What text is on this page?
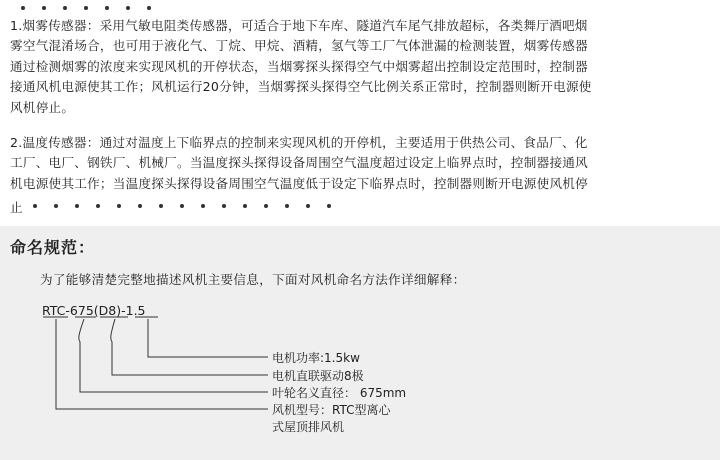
1.烟雾传感器：采用气敏电阻类传感器，可适合于地下车库、隧道汽车尾气排放超标，各类舞厅酒吧烟
雾空气混淆场合，也可用于液化气、丁烷、甲烷、酒精，氢气等工厂气体泄漏的检测装置，烟雾传感器
通过检测烟雾的浓度来实现风机的开停状态，当烟雾探头探得空气中烟雾超出控制设定范围时，控制器
接通风机电源使其工作；风机运行20分钟，当烟雾探头探得空气比例关系正常时，控制器则断开电源使
风机停止。
2.温度传感器：通过对温度上下临界点的控制来实现风机的开停机，主要适用于供热公司、食品厂、化
工厂、电厂、钢铁厂、机械厂。当温度探头探得设备周围空气温度超过设定上临界点时，控制器接通风
机电源使其工作；当温度探头探得设备周围空气温度低于设定下临界点时，控制器则断开电源使风机停
止
命名规范：
为了能够清楚完整地描述风机主要信息，下面对风机命名方法作详细解释：
RTC-675(D8)-1.5
电机功率:1.5kw
电机直联驱动8极
叶轮名义直径： 675mm
风机型号：RTC型离心
式屋顶排风机
